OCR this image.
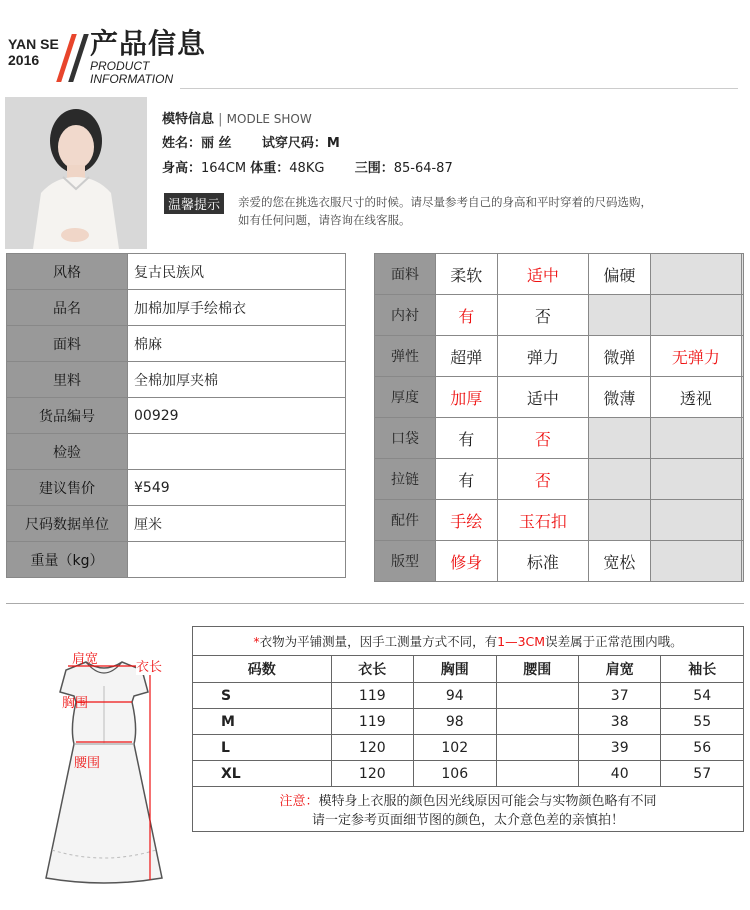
YAN SE
2016	产品信息
PRODUCT
INFORMATION
模特信息 | MODLE SHOW
姓名：丽 丝 试穿尺码：M
身高：164CM 体重：48KG 三围：85-64-87
温馨提示	亲爱的您在挑选衣服尺寸的时候。请尽量参考自己的身高和平时穿着的尺码选购，
如有任何问题，请咨询在线客服。
风格	复古民族风
品名	加棉加厚手绘棉衣
面料	棉麻
里料	全棉加厚夹棉
货品编号	00929
检验	
建议售价	¥549
尺码数据单位	厘米
重量（kg）	
面料	柔软	适中	偏硬		
内衬	有	否			
弹性	超弹	弹力	微弹	无弹力	
厚度	加厚	适中	微薄	透视	
口袋	有	否			
拉链	有	否			
配件	手绘	玉石扣			
版型	修身	标准	宽松		
肩宽
衣长
胸围
腰围
*衣物为平铺测量，因手工测量方式不同，有1—3CM误差属于正常范围内哦。					
码数	衣长	胸围	腰围	肩宽	袖长
S	119	94		37	54
M	119	98		38	55
L	120	102		39	56
XL	120	106		40	57

注意：模特身上衣服的颜色因光线原因可能会与实物颜色略有不同
请一定参考页面细节图的颜色，太介意色差的亲慎拍！					
